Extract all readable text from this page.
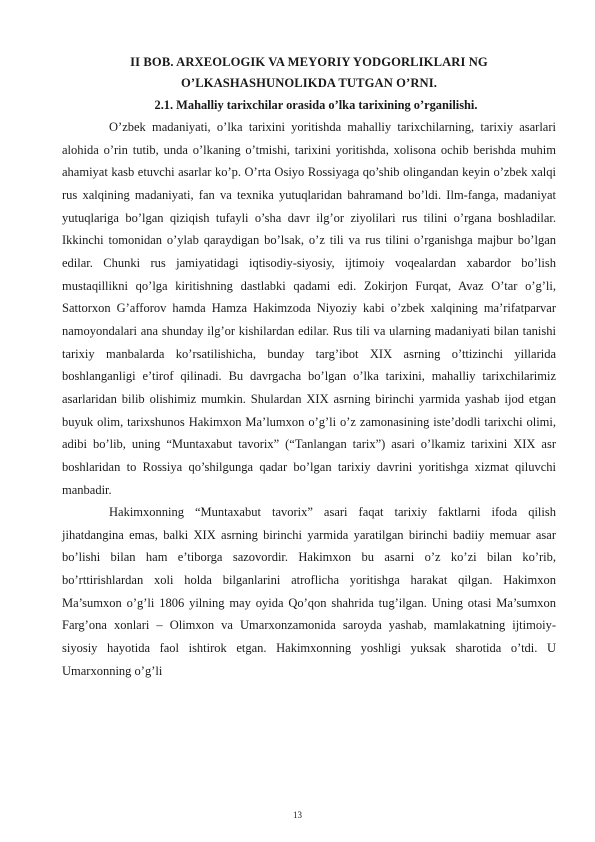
II BOB. ARXEOLOGIK VA MEYORIY YODGORLIKLARI NG

O’LKASHASHUNOLIKDA TUTGAN O’RNI.

2.1. Mahalliy tarixchilar orasida o’lka tarixining o’rganilishi.

O’zbek madaniyati, o’lka tarixini yoritishda mahalliy tarixchilarning, tarixiy asarlari alohida o’rin tutib, unda o’lkaning o’tmishi, tarixini yoritishda, xolisona ochib berishda muhim ahamiyat kasb etuvchi asarlar ko’p. O’rta Osiyo Rossiyaga qo’shib olingandan keyin o’zbek xalqi rus xalqining madaniyati, fan va texnika yutuqlaridan bahramand bo’ldi. Ilm-fanga, madaniyat yutuqlariga bo’lgan qiziqish tufayli o’sha davr ilg’or ziyolilari rus tilini o’rgana boshladilar. Ikkinchi tomonidan o’ylab qaraydigan bo’lsak, o’z tili va rus tilini o’rganishga majbur bo’lgan edilar. Chunki rus jamiyatidagi iqtisodiy-siyosiy, ijtimoiy voqealardan xabardor bo’lish mustaqillikni qo’lga kiritishning dastlabki qadami edi. Zokirjon Furqat, Avaz O’tar o’g’li, Sattorxon G’afforov hamda Hamza Hakimzoda Niyoziy kabi o’zbek xalqining ma’rifatparvar namoyondalari ana shunday ilg’or kishilardan edilar. Rus tili va ularning madaniyati bilan tanishi tarixiy manbalarda ko’rsatilishicha, bunday targ’ibot XIX asrning o’ttizinchi yillarida boshlanganligi e’tirof qilinadi. Bu davrgacha bo’lgan o’lka tarixini, mahalliy tarixchilarimiz asarlaridan bilib olishimiz mumkin. Shulardan XIX asrning birinchi yarmida yashab ijod etgan buyuk olim, tarixshunos Hakimxon Ma’lumxon o’g’li o’z zamonasining iste’dodli tarixchi olimi, adibi bo’lib, uning “Muntaxabut tavorix” (“Tanlangan tarix”) asari o’lkamiz tarixini XIX asr boshlaridan to Rossiya qo’shilgunga qadar bo’lgan tarixiy davrini yoritishga xizmat qiluvchi manbadir.

Hakimxonning “Muntaxabut tavorix” asari faqat tarixiy faktlarni ifoda qilish jihatdangina emas, balki XIX asrning birinchi yarmida yaratilgan birinchi badiiy memuar asar bo’lishi bilan ham e’tiborga sazovordir. Hakimxon bu asarni o’z ko’zi bilan ko’rib, bo’rttirishlardan xoli holda bilganlarini atroflicha yoritishga harakat qilgan. Hakimxon Ma’sumxon o’g’li 1806 yilning may oyida Qo’qon shahrida tug’ilgan. Uning otasi Ma’sumxon Farg’ona xonlari – Olimxon va Umarxonzamonida saroyda yashab, mamlakatning ijtimoiy-siyosiy hayotida faol ishtirok etgan. Hakimxonning yoshligi yuksak sharotida o’tdi. U Umarxonning o’g’li

13
